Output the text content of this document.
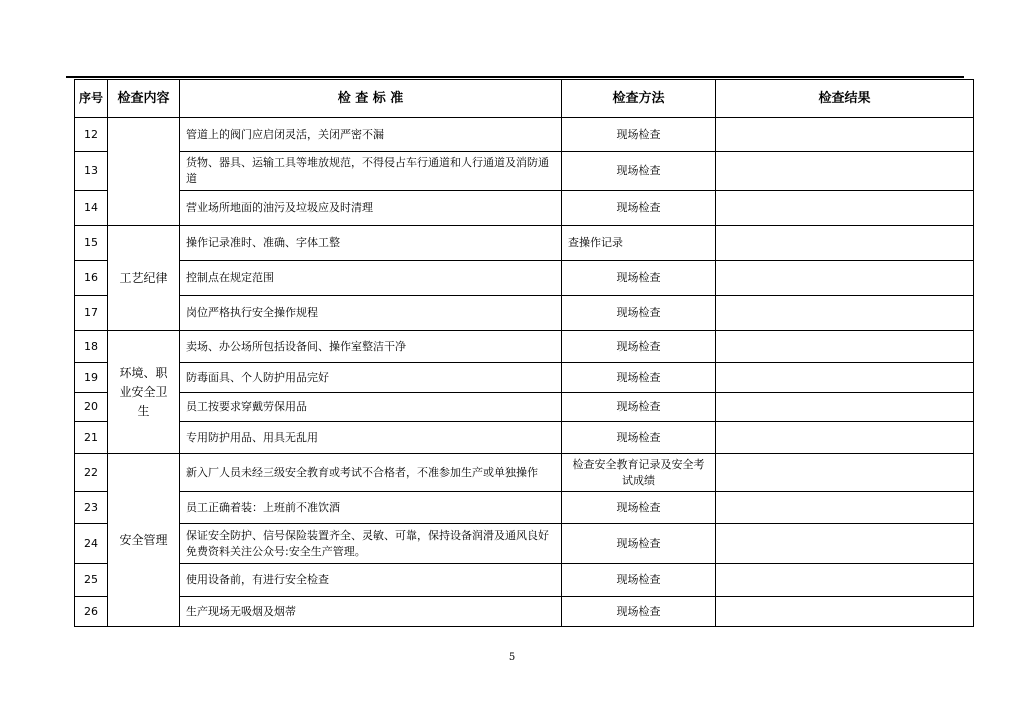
序号	检查内容	检 查 标 准	检查方法	检查结果
12		管道上的阀门应启闭灵活，关闭严密不漏	现场检查	
13		货物、器具、运输工具等堆放规范，不得侵占车行通道和人行通道及消防通道	现场检查	
14		营业场所地面的油污及垃圾应及时清理	现场检查	
15	工艺纪律	操作记录准时、准确、字体工整	查操作记录	
16		控制点在规定范围	现场检查	
17		岗位严格执行安全操作规程	现场检查	
18	环境、职业安全卫生	卖场、办公场所包括设备间、操作室整洁干净	现场检查	
19		防毒面具、个人防护用品完好	现场检查	
20		员工按要求穿戴劳保用品	现场检查	
21		专用防护用品、用具无乱用	现场检查	
22	安全管理	新入厂人员未经三级安全教育或考试不合格者，不准参加生产或单独操作	检查安全教育记录及安全考试成绩	
23		员工正确着装：上班前不准饮酒	现场检查	
24		保证安全防护、信号保险装置齐全、灵敏、可靠，保持设备润滑及通风良好免费资料关注公众号:安全生产管理。	现场检查	
25		使用设备前，有进行安全检查	现场检查	
26		生产现场无吸烟及烟蒂	现场检查	
5
